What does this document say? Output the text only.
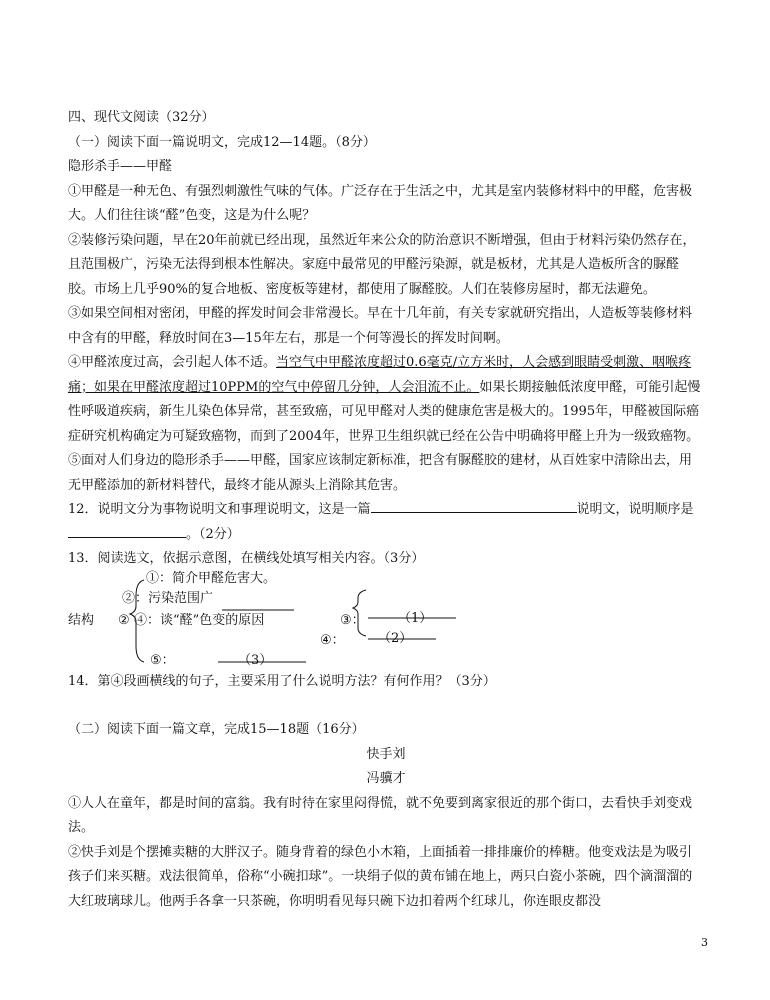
四、现代文阅读（32分）

（一）阅读下面一篇说明文，完成12—14题。（8分）

隐形杀手——甲醛

①甲醛是一种无色、有强烈刺激性气味的气体。广泛存在于生活之中，尤其是室内装修材料中的甲醛，危害极大。人们往往谈“醛”色变，这是为什么呢？

②装修污染问题，早在20年前就已经出现，虽然近年来公众的防治意识不断增强，但由于材料污染仍然存在，且范围极广，污染无法得到根本性解决。家庭中最常见的甲醛污染源，就是板材，尤其是人造板所含的脲醛胶。市场上几乎90%的复合地板、密度板等建材，都使用了脲醛胶。人们在装修房屋时，都无法避免。

③如果空间相对密闭，甲醛的挥发时间会非常漫长。早在十几年前，有关专家就研究指出，人造板等装修材料中含有的甲醛，释放时间在3—15年左右，那是一个何等漫长的挥发时间啊。

④甲醛浓度过高，会引起人体不适。当空气中甲醛浓度超过0.6毫克/立方米时，人会感到眼睛受刺激、咽喉疼痛；如果在甲醛浓度超过10PPM的空气中停留几分钟，人会泪流不止。如果长期接触低浓度甲醛，可能引起慢性呼吸道疾病，新生儿染色体异常，甚至致癌，可见甲醛对人类的健康危害是极大的。1995年，甲醛被国际癌症研究机构确定为可疑致癌物，而到了2004年，世界卫生组织就已经在公告中明确将甲醛上升为一级致癌物。

⑤面对人们身边的隐形杀手——甲醛，国家应该制定新标准，把含有脲醛胶的建材，从百姓家中清除出去，用无甲醛添加的新材料替代，最终才能从源头上消除其危害。

12．说明文分为事物说明文和事理说明文，这是一篇	说明文，说明顺序是。（2分）

13．阅读选文，依据示意图，在横线处填写相关内容。（3分）

①：简介甲醛危害大。
②：污染范围广
结构 ② ④：谈“醛”色变的原因	③：	（1）
④：	（2）
⑤：	（3）

14．第④段画横线的句子，主要采用了什么说明方法？有何作用？（3分）

（二）阅读下面一篇文章，完成15—18题（16分）

快手刘

冯骥才

①人人在童年，都是时间的富翁。我有时待在家里闷得慌，就不免要到离家很近的那个街口，去看快手刘变戏法。

②快手刘是个摆摊卖糖的大胖汉子。随身背着的绿色小木箱，上面插着一排排廉价的棒糖。他变戏法是为吸引孩子们来买糖。戏法很简单，俗称“小碗扣球”。一块绢子似的黄布铺在地上，两只白瓷小茶碗，四个滴溜溜的大红玻璃球儿。他两手各拿一只茶碗，你明明看见每只碗下边扣着两个红球儿，你连眼皮都没

3
